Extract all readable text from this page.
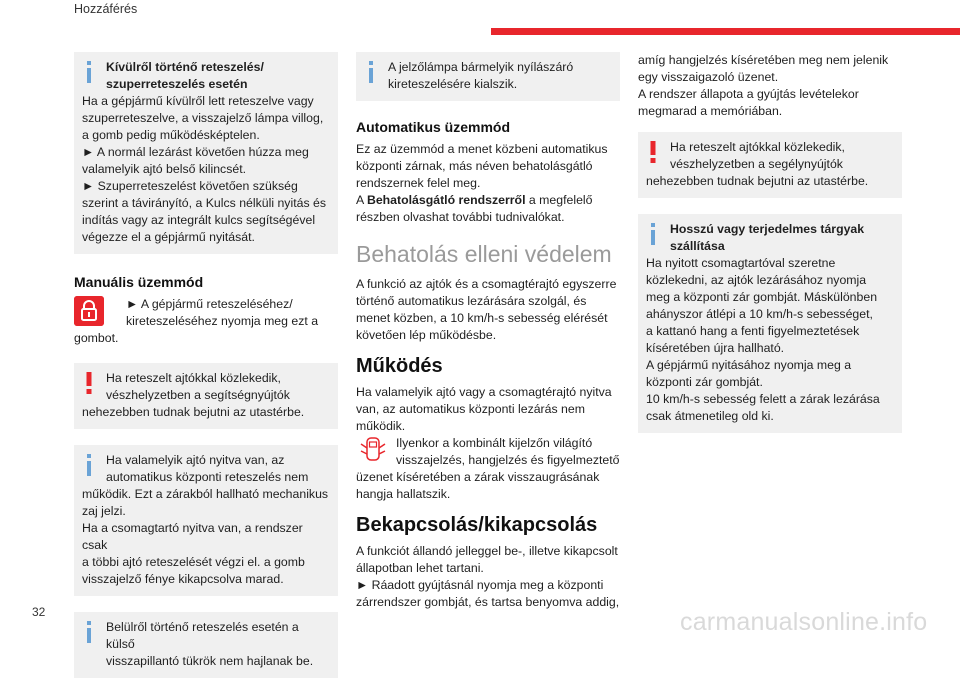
Hozzáférés
Kívülről történő reteszelés/
szuperreteszelés esetén
Ha a gépjármű kívülről lett reteszelve vagy
szuperreteszelve, a visszajelző lámpa villog,
a gomb pedig működésképtelen.
► A normál lezárást követően húzza meg
valamelyik ajtó belső kilincsét.
► Szuperreteszelést követően szükség
szerint a távirányító, a Kulcs nélküli nyitás és
indítás vagy az integrált kulcs segítségével
végezze el a gépjármű nyitását.
Manuális üzemmód
► A gépjármű reteszeléséhez/
kireteszeléséhez nyomja meg ezt a
gombot.
Ha reteszelt ajtókkal közlekedik,
vészhelyzetben a segítségnyújtók
nehezebben tudnak bejutni az utastérbe.
Ha valamelyik ajtó nyitva van, az
automatikus központi reteszelés nem
működik. Ezt a zárakból hallható mechanikus
zaj jelzi.
Ha a csomagtartó nyitva van, a rendszer csak
a többi ajtó reteszelését végzi el. a gomb
visszajelző fénye kikapcsolva marad.
Belülről történő reteszelés esetén a külső
visszapillantó tükrök nem hajlanak be.
A jelzőlámpa bármelyik nyílászáró
kireteszelésére kialszik.
Automatikus üzemmód

Ez az üzemmód a menet közbeni automatikus

központi zárnak, más néven behatolásgátló

rendszernek felel meg.

A Behatolásgátló rendszerről a megfelelő

részben olvashat további tudnivalókat.

Behatolás elleni védelem

A funkció az ajtók és a csomagtérajtó egyszerre

történő automatikus lezárására szolgál, és

menet közben, a 10 km/h-s sebesség elérését

követően lép működésbe.

Működés
Ha valamelyik ajtó vagy a csomagtérajtó nyitva
van, az automatikus központi lezárás nem
működik.
Ilyenkor a kombinált kijelzőn világító
visszajelzés, hangjelzés és figyelmeztető
üzenet kíséretében a zárak visszaugrásának
hangja hallatszik.
Bekapcsolás/kikapcsolás

A funkciót állandó jelleggel be-, illetve kikapcsolt

állapotban lehet tartani.

► Ráadott gyújtásnál nyomja meg a központi

zárrendszer gombját, és tartsa benyomva addig,

amíg hangjelzés kíséretében meg nem jelenik

egy visszaigazoló üzenet.

A rendszer állapota a gyújtás levételekor

megmarad a memóriában.

Ha reteszelt ajtókkal közlekedik,
vészhelyzetben a segélynyújtók
nehezebben tudnak bejutni az utastérbe.
Hosszú vagy terjedelmes tárgyak
szállítása
Ha nyitott csomagtartóval szeretne
közlekedni, az ajtók lezárásához nyomja
meg a központi zár gombját. Máskülönben
ahányszor átlépi a 10 km/h-s sebességet,
a kattanó hang a fenti figyelmeztetések
kíséretében újra hallható.
A gépjármű nyitásához nyomja meg a
központi zár gombját.
10 km/h-s sebesség felett a zárak lezárása
csak átmenetileg old ki.
32	carmanualsonline.info
